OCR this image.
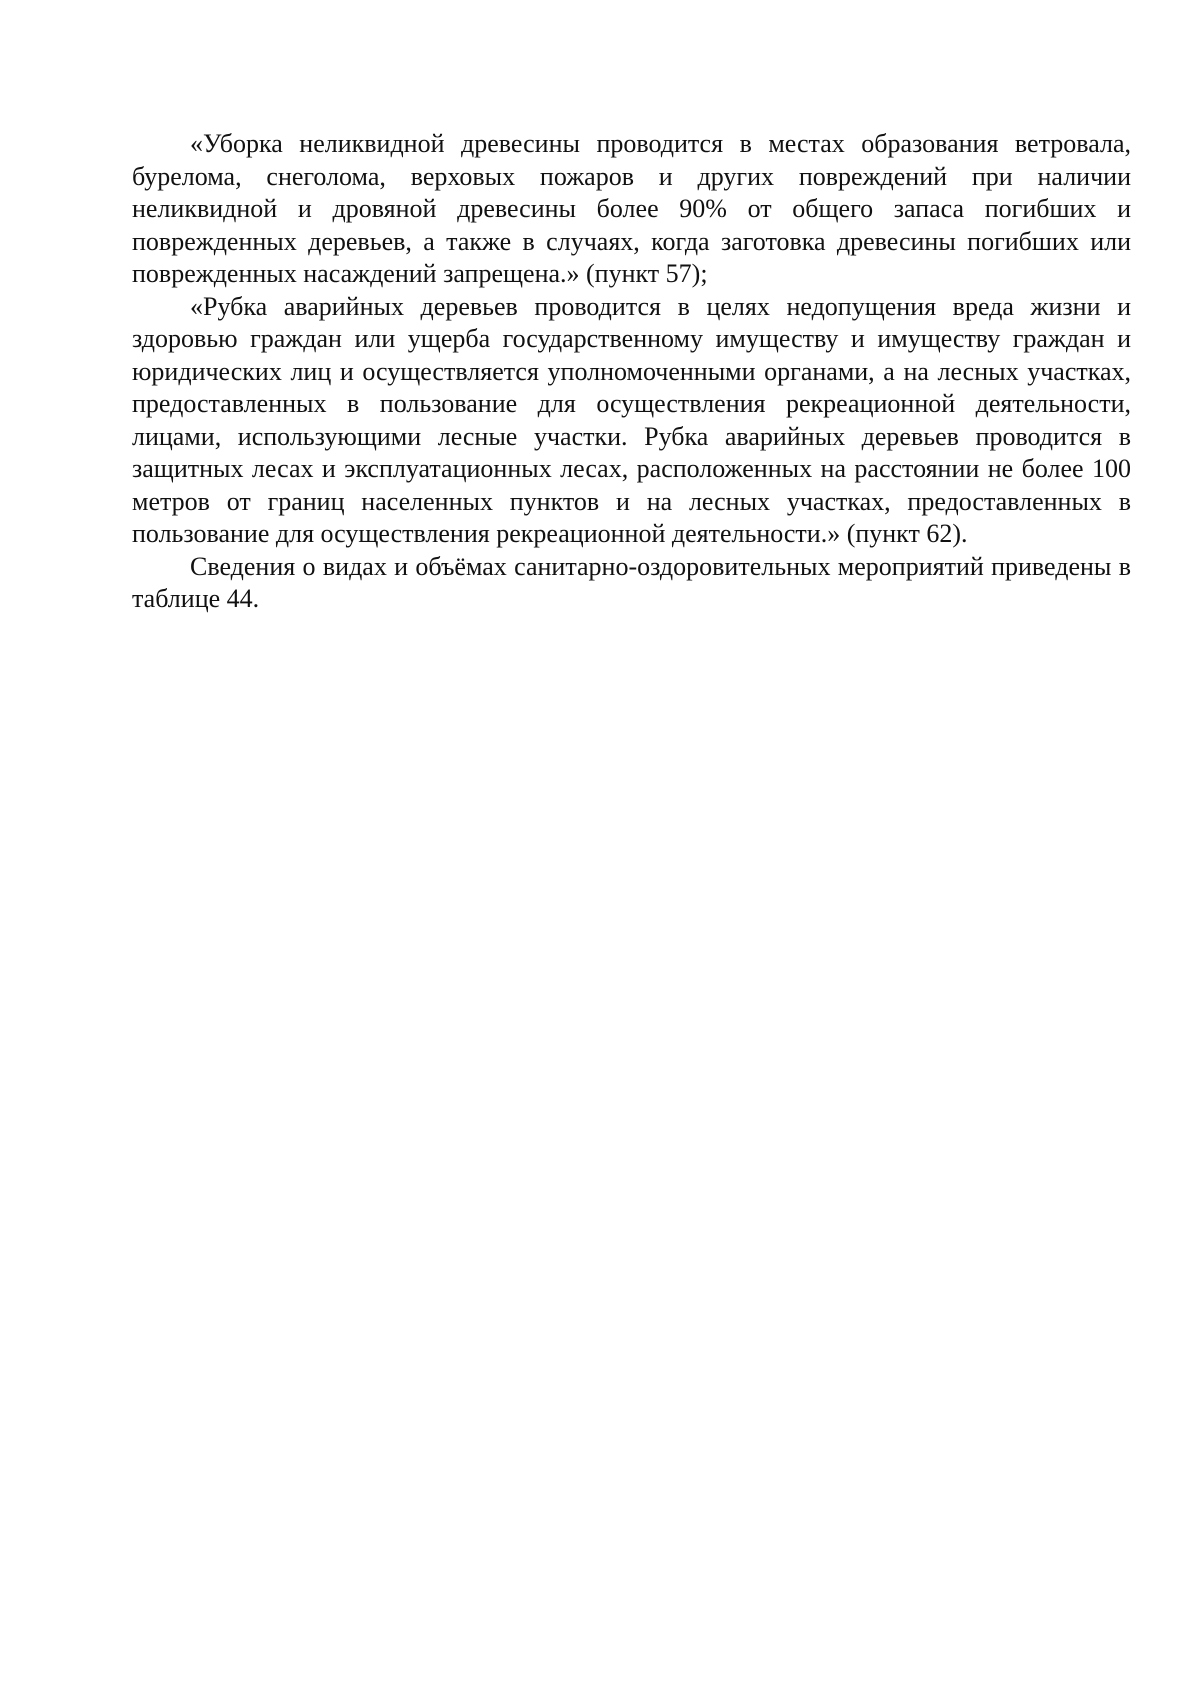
«Уборка неликвидной древесины проводится в местах образования ветровала, бурелома, снеголома, верховых пожаров и других повреждений при наличии неликвидной и дровяной древесины более 90% от общего запаса погибших и поврежденных деревьев, а также в случаях, когда заготовка древесины погибших или поврежденных насаждений запрещена.» (пункт 57);

«Рубка аварийных деревьев проводится в целях недопущения вреда жизни и здоровью граждан или ущерба государственному имуществу и имуществу граждан и юридических лиц и осуществляется уполномоченными органами, а на лесных участках, предоставленных в пользование для осуществления рекреационной деятельности, лицами, использующими лесные участки. Рубка аварийных деревьев проводится в защитных лесах и эксплуатационных лесах, расположенных на расстоянии не более 100 метров от границ населенных пунктов и на лесных участках, предоставленных в пользование для осуществления рекреационной деятельности.» (пункт 62).

Сведения о видах и объёмах санитарно-оздоровительных мероприятий приведены в таблице 44.
